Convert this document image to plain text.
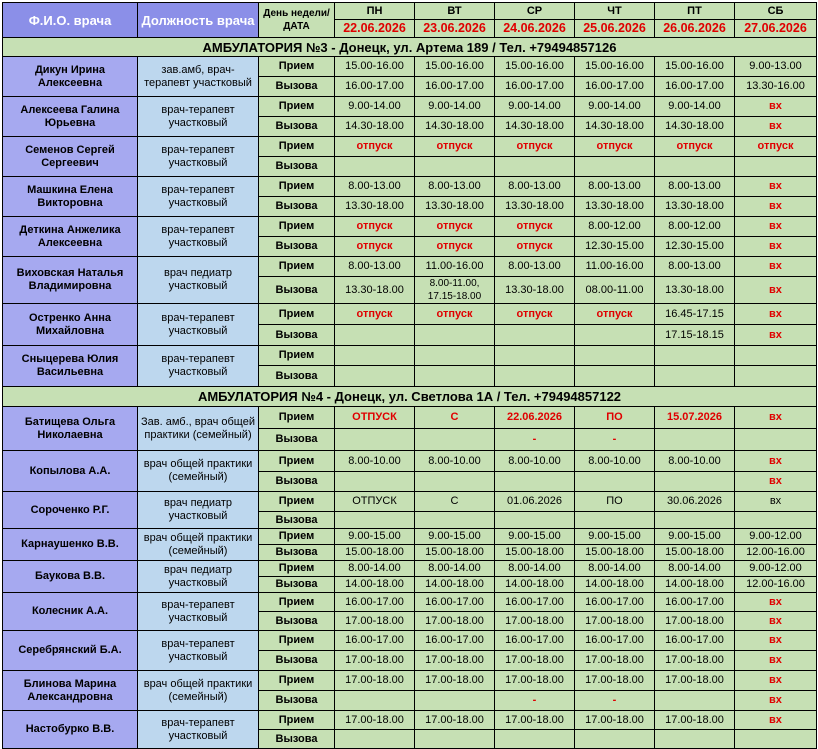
Ф.И.О. врача	Должность врача	День недели/ДАТА	ПН	ВТ	СР	ЧТ	ПТ	СБ
			22.06.2026	23.06.2026	24.06.2026	25.06.2026	26.06.2026	27.06.2026
АМБУЛАТОРИЯ №3 - Донецк, ул. Артема 189 / Тел. +79494857126								
Дикун Ирина Алексеевна	зав.амб, врач-терапевт участковый	Прием	15.00-16.00	15.00-16.00	15.00-16.00	15.00-16.00	15.00-16.00	9.00-13.00
		Вызова	16.00-17.00	16.00-17.00	16.00-17.00	16.00-17.00	16.00-17.00	13.30-16.00
Алексеева Галина Юрьевна	врач-терапевт участковый	Прием	9.00-14.00	9.00-14.00	9.00-14.00	9.00-14.00	9.00-14.00	вх
		Вызова	14.30-18.00	14.30-18.00	14.30-18.00	14.30-18.00	14.30-18.00	вх
Семенов Сергей Сергеевич	врач-терапевт участковый	Прием	отпуск	отпуск	отпуск	отпуск	отпуск	отпуск
		Вызова						
Машкина Елена Викторовна	врач-терапевт участковый	Прием	8.00-13.00	8.00-13.00	8.00-13.00	8.00-13.00	8.00-13.00	вх
		Вызова	13.30-18.00	13.30-18.00	13.30-18.00	13.30-18.00	13.30-18.00	вх
Деткина Анжелика Алексеевна	врач-терапевт участковый	Прием	отпуск	отпуск	отпуск	8.00-12.00	8.00-12.00	вх
		Вызова	отпуск	отпуск	отпуск	12.30-15.00	12.30-15.00	вх
Виховская Наталья Владимировна	врач педиатр участковый	Прием	8.00-13.00	11.00-16.00	8.00-13.00	11.00-16.00	8.00-13.00	вх
		Вызова	13.30-18.00	8.00-11.00, 17.15-18.00	13.30-18.00	08.00-11.00	13.30-18.00	вх
Остренко Анна Михайловна	врач-терапевт участковый	Прием	отпуск	отпуск	отпуск	отпуск	16.45-17.15	вх
		Вызова					17.15-18.15	вх
Сныцерева Юлия Васильевна	врач-терапевт участковый	Прием						
		Вызова						
АМБУЛАТОРИЯ №4 - Донецк, ул. Светлова 1А / Тел. +79494857122								
Батищева Ольга Николаевна	Зав. амб., врач общей практики (семейный)	Прием	ОТПУСК	С	22.06.2026	ПО	15.07.2026	вх
		Вызова			-	-		
Копылова А.А.	врач общей практики (семейный)	Прием	8.00-10.00	8.00-10.00	8.00-10.00	8.00-10.00	8.00-10.00	вх
		Вызова						вх
Сороченко Р.Г.	врач педиатр участковый	Прием	ОТПУСК	С	01.06.2026	ПО	30.06.2026	вх
		Вызова						
Карнаушенко В.В.	врач общей практики (семейный)	Прием	9.00-15.00	9.00-15.00	9.00-15.00	9.00-15.00	9.00-15.00	9.00-12.00
		Вызова	15.00-18.00	15.00-18.00	15.00-18.00	15.00-18.00	15.00-18.00	12.00-16.00
Баукова В.В.	врач педиатр участковый	Прием	8.00-14.00	8.00-14.00	8.00-14.00	8.00-14.00	8.00-14.00	9.00-12.00
		Вызова	14.00-18.00	14.00-18.00	14.00-18.00	14.00-18.00	14.00-18.00	12.00-16.00
Колесник А.А.	врач-терапевт участковый	Прием	16.00-17.00	16.00-17.00	16.00-17.00	16.00-17.00	16.00-17.00	вх
		Вызова	17.00-18.00	17.00-18.00	17.00-18.00	17.00-18.00	17.00-18.00	вх
Серебрянский Б.А.	врач-терапевт участковый	Прием	16.00-17.00	16.00-17.00	16.00-17.00	16.00-17.00	16.00-17.00	вх
		Вызова	17.00-18.00	17.00-18.00	17.00-18.00	17.00-18.00	17.00-18.00	вх
Блинова Марина Александровна	врач общей практики (семейный)	Прием	17.00-18.00	17.00-18.00	17.00-18.00	17.00-18.00	17.00-18.00	вх
		Вызова			-	-		вх
Настобурко В.В.	врач-терапевт участковый	Прием	17.00-18.00	17.00-18.00	17.00-18.00	17.00-18.00	17.00-18.00	вх
		Вызова						
